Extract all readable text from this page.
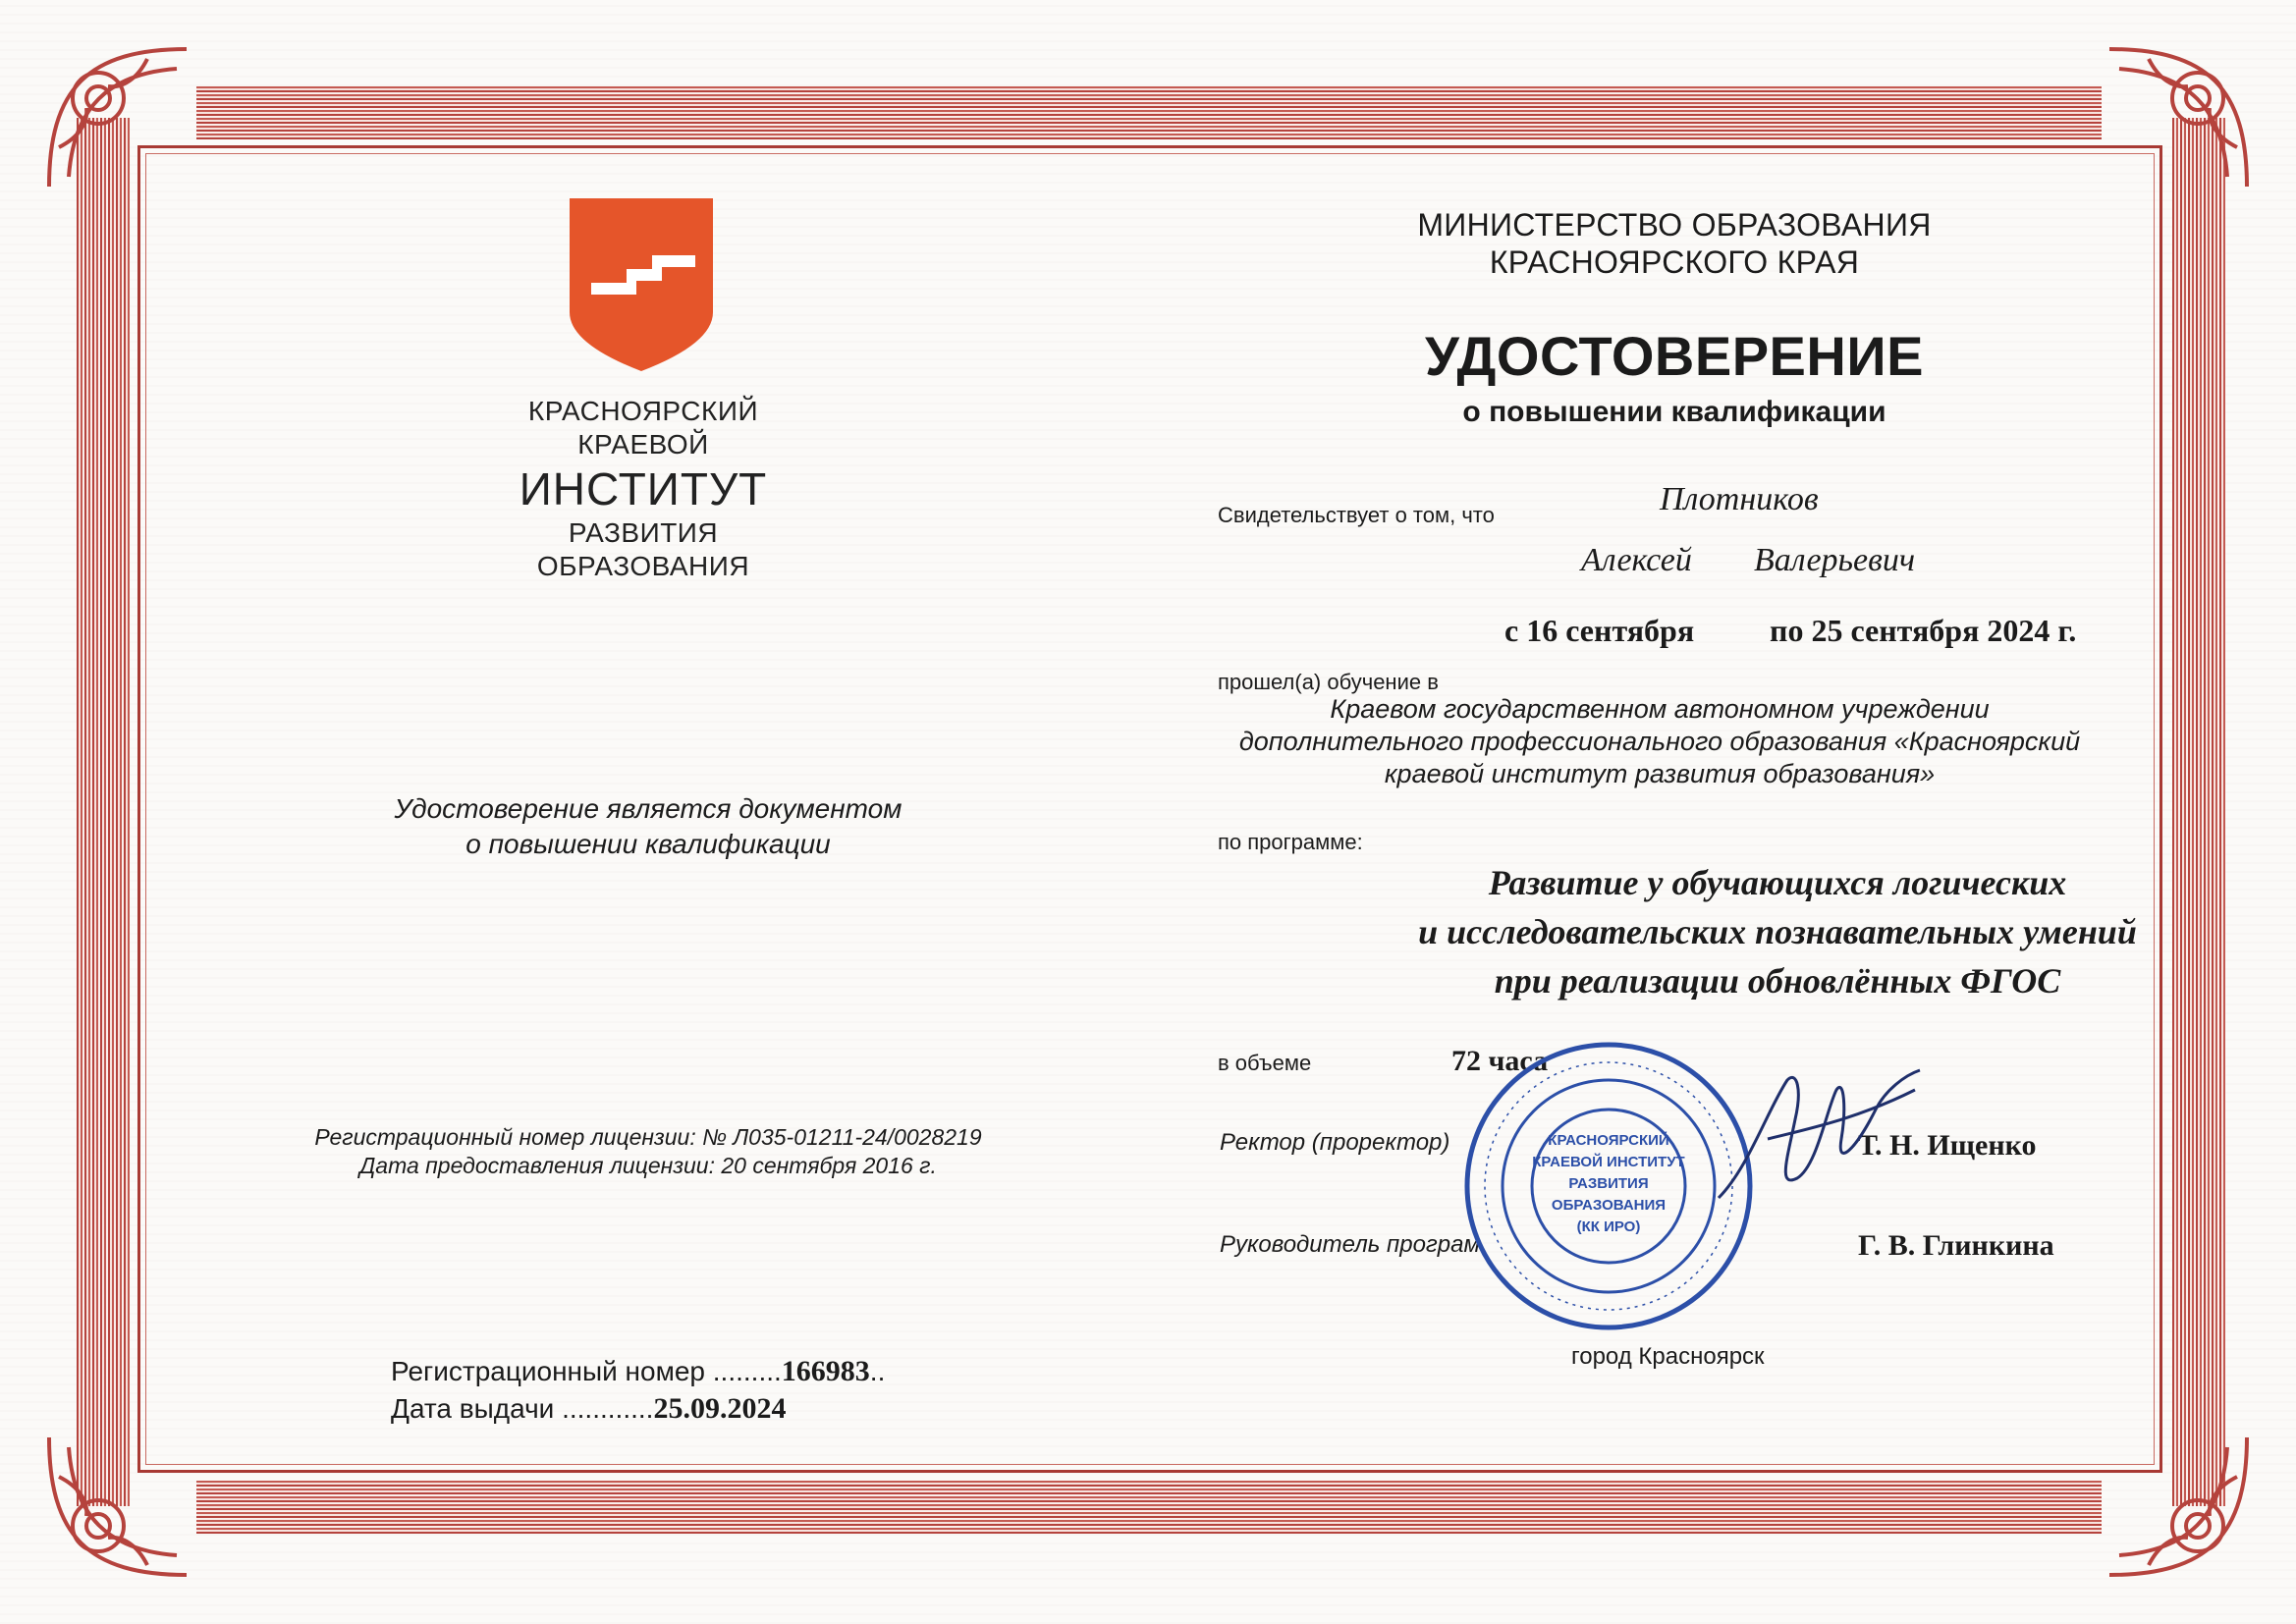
КРАСНОЯРСКИЙ
КРАЕВОЙ
ИНСТИТУТ
РАЗВИТИЯ
ОБРАЗОВАНИЯ
Удостоверение является документом
о повышении квалификации
Регистрационный номер лицензии: № Л035-01211-24/0028219
Дата предоставления лицензии: 20 сентября 2016 г.
Регистрационный номер .........166983..
Дата выдачи ............25.09.2024
МИНИСТЕРСТВО ОБРАЗОВАНИЯ
КРАСНОЯРСКОГО КРАЯ
УДОСТОВЕРЕНИЕ
о повышении квалификации
Свидетельствует о том, что	Плотников
Алексей Валерьевич
с 16 сентября по 25 сентября 2024 г.
прошел(а) обучение в
Краевом государственном автономном учреждении
дополнительного профессионального образования «Красноярский
краевой институт развития образования»
по программе:
Развитие у обучающихся логических
и исследовательских познавательных умений
при реализации обновлённых ФГОС
в объеме	72 часа
Ректор (проректор)	Т. Н. Ищенко
Руководитель програм	Г. В. Глинкина
КРАСНОЯРСКИЙ
КРАЕВОЙ ИНСТИТУТ
РАЗВИТИЯ
ОБРАЗОВАНИЯ
(КК ИРО)
город Красноярск
